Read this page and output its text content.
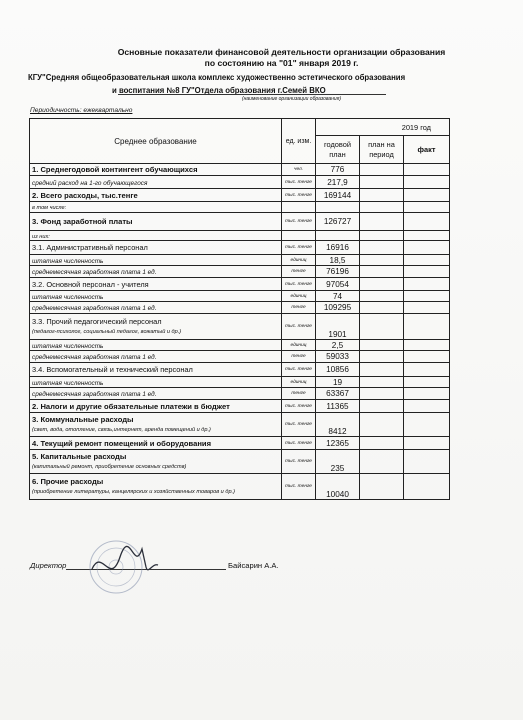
Основные показатели финансовой деятельности организации образования
по состоянию на "01" января 2019 г.
КГУ"Средняя общеобразовательная школа комплекс художественно эстетического образования
и воспитания №8 ГУ"Отдела образования г.Семей ВКО
(наименование организации образования)
Периодичность: ежеквартально
Среднее образование	ед. изм.	2019 год		
		годовой план	план на период	факт
1. Среднегодовой контингент обучающихся	чел.	776		
средний расход на 1-го обучающегося	тыс. тенге	217,9		
2. Всего расходы, тыс.тенге	тыс. тенге	169144		
в том числе:				
3. Фонд заработной платы	тыс. тенге	126727		
из них:				
3.1. Административный персонал	тыс. тенге	16916		
штатная численность	единиц	18,5		
среднемесячная заработная плата 1 ед.	тенге	76196		
3.2. Основной персонал - учителя	тыс. тенге	97054		
штатная численность	единиц	74		
среднемесячная заработная плата 1 ед.	тенге	109295		
3.3. Прочий педагогический персонал
(педагог-психолог, социальный педагог, вожатый и др.)	тыс. тенге	1901		
штатная численность	единиц	2,5		
среднемесячная заработная плата 1 ед.	тенге	59033		
3.4. Вспомогательный и технический персонал	тыс. тенге	10856		
штатная численность	единиц	19		
среднемесячная заработная плата 1 ед.	тенге	63367		
2. Налоги и другие обязательные платежи в бюджет	тыс. тенге	11365		
3. Коммунальные расходы
(свет, вода, отопление, связь,интернет, аренда помещений и др.)	тыс. тенге	8412		
4. Текущий ремонт помещений и оборудования	тыс. тенге	12365		
5. Капитальные расходы
(капитальный ремонт, приобретение основных средств)	тыс. тенге	235		
6. Прочие расходы
(приобретение литературы, канцелярских и хозяйственных товаров и др.)	тыс. тенге	10040		
Директор	Байсарин А.А.
